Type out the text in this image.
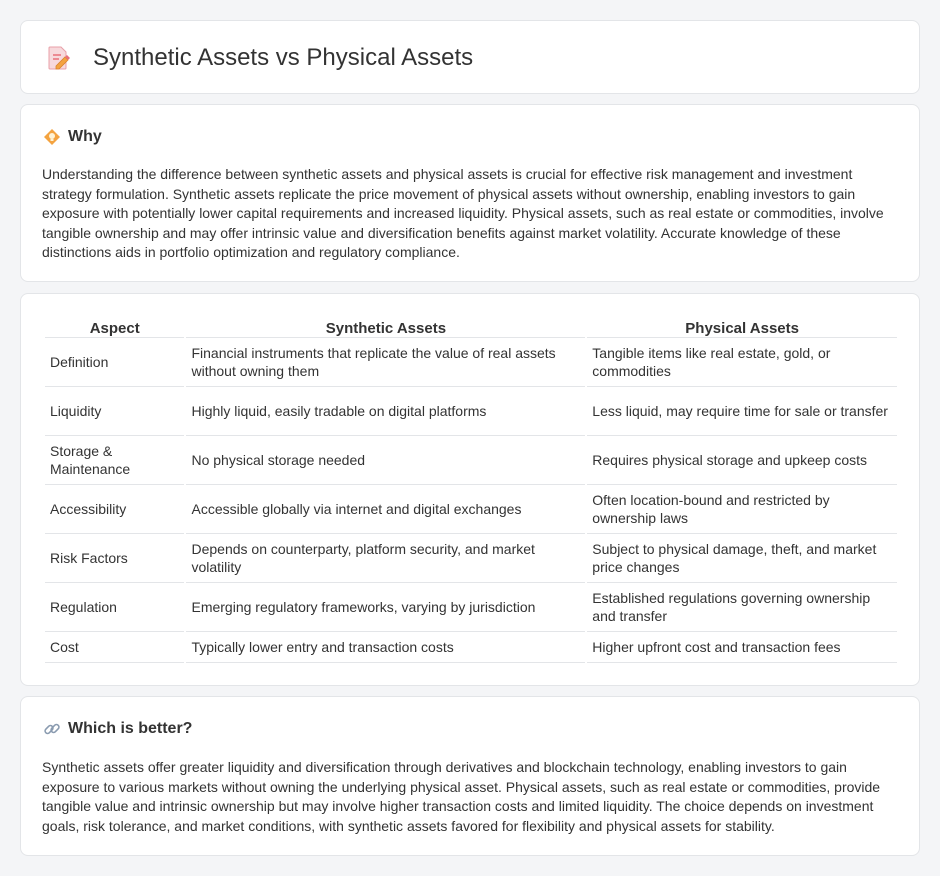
Synthetic Assets vs Physical Assets
Why

Understanding the difference between synthetic assets and physical assets is crucial for effective risk management and investment strategy formulation. Synthetic assets replicate the price movement of physical assets without ownership, enabling investors to gain exposure with potentially lower capital requirements and increased liquidity. Physical assets, such as real estate or commodities, involve tangible ownership and may offer intrinsic value and diversification benefits against market volatility. Accurate knowledge of these distinctions aids in portfolio optimization and regulatory compliance.

Aspect	Synthetic Assets	Physical Assets
Definition	Financial instruments that replicate the value of real assets without owning them	Tangible items like real estate, gold, or commodities
Liquidity	Highly liquid, easily tradable on digital platforms	Less liquid, may require time for sale or transfer
Storage & Maintenance	No physical storage needed	Requires physical storage and upkeep costs
Accessibility	Accessible globally via internet and digital exchanges	Often location-bound and restricted by ownership laws
Risk Factors	Depends on counterparty, platform security, and market volatility	Subject to physical damage, theft, and market price changes
Regulation	Emerging regulatory frameworks, varying by jurisdiction	Established regulations governing ownership and transfer
Cost	Typically lower entry and transaction costs	Higher upfront cost and transaction fees
Which is better?

Synthetic assets offer greater liquidity and diversification through derivatives and blockchain technology, enabling investors to gain exposure to various markets without owning the underlying physical asset. Physical assets, such as real estate or commodities, provide tangible value and intrinsic ownership but may involve higher transaction costs and limited liquidity. The choice depends on investment goals, risk tolerance, and market conditions, with synthetic assets favored for flexibility and physical assets for stability.
